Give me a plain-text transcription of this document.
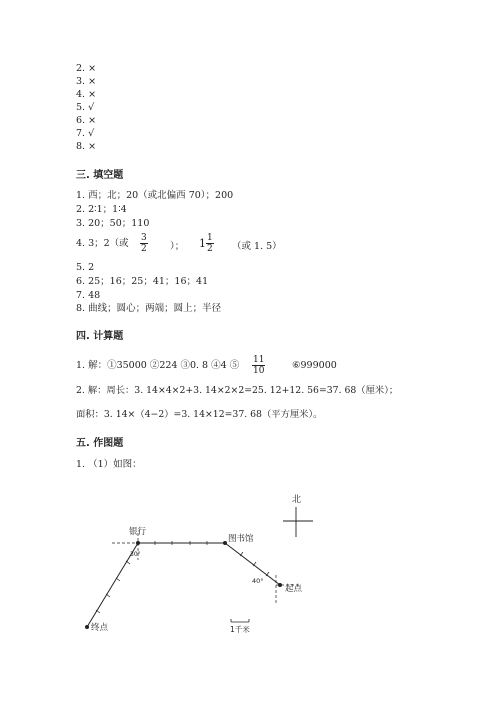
2. ×
3. ×
4. ×
5. √
6. ×
7. √
8. ×
三. 填空题
1. 西；北；20（或北偏西 70）；200
2. 2∶1；1∶4
3. 20；50；110
4. 3；2（或 $\frac{3}{2}$ ）； $1 \frac{1}{2}$ （或 1. 5）
5. 2
6. 25；16；25；41；16；41
7. 48
8. 曲线；圆心；两端；圆上；半径
四. 计算题
1. 解：①35000 ②224 ③0. 8 ④4 ⑤ $\frac{11}{10}$	⑥999000
2. 解：周长：3. 14×4×2+3. 14×2×2=25. 12+12. 56=37. 68（厘米）；
面积：3. 14×（4−2）=3. 14×12=37. 68（平方厘米）。
五. 作图题
1. （1）如图：
北
银行
图书馆
起点
终点
30°
40°
1千米
